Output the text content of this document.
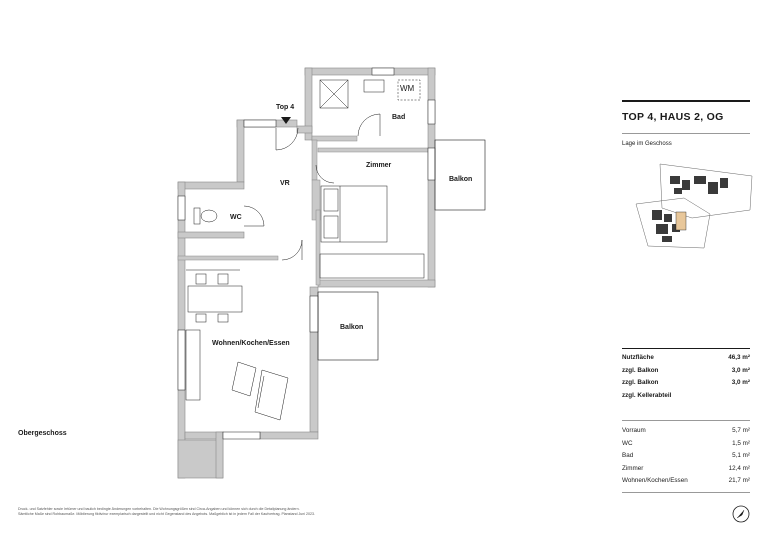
Top 4
VR
WC
Bad
WM
Zimmer
Balkon
Balkon
Wohnen/Kochen/Essen
Obergeschoss
Druck- und Satzfehler sowie Irrtümer und baulich bedingte Änderungen vorbehalten. Die Wohnungsgrößen sind Circa-Angaben und können sich durch die Detailplanung ändern.
Sämtliche Maße sind Rohbaumaße. Möblierung fiktiv/nur exemplarisch dargestellt und nicht Gegenstand des Angebots. Maßgeblich ist in jedem Fall der Kaufvertrag. Planstand Juni 2023.
TOP 4, HAUS 2, OG
Lage im Geschoss
Nutzfläche	46,3 m²
zzgl. Balkon	3,0 m²
zzgl. Balkon	3,0 m²
zzgl. Kellerabteil
Vorraum	5,7 m²
WC	1,5 m²
Bad	5,1 m²
Zimmer	12,4 m²
Wohnen/Kochen/Essen	21,7 m²
